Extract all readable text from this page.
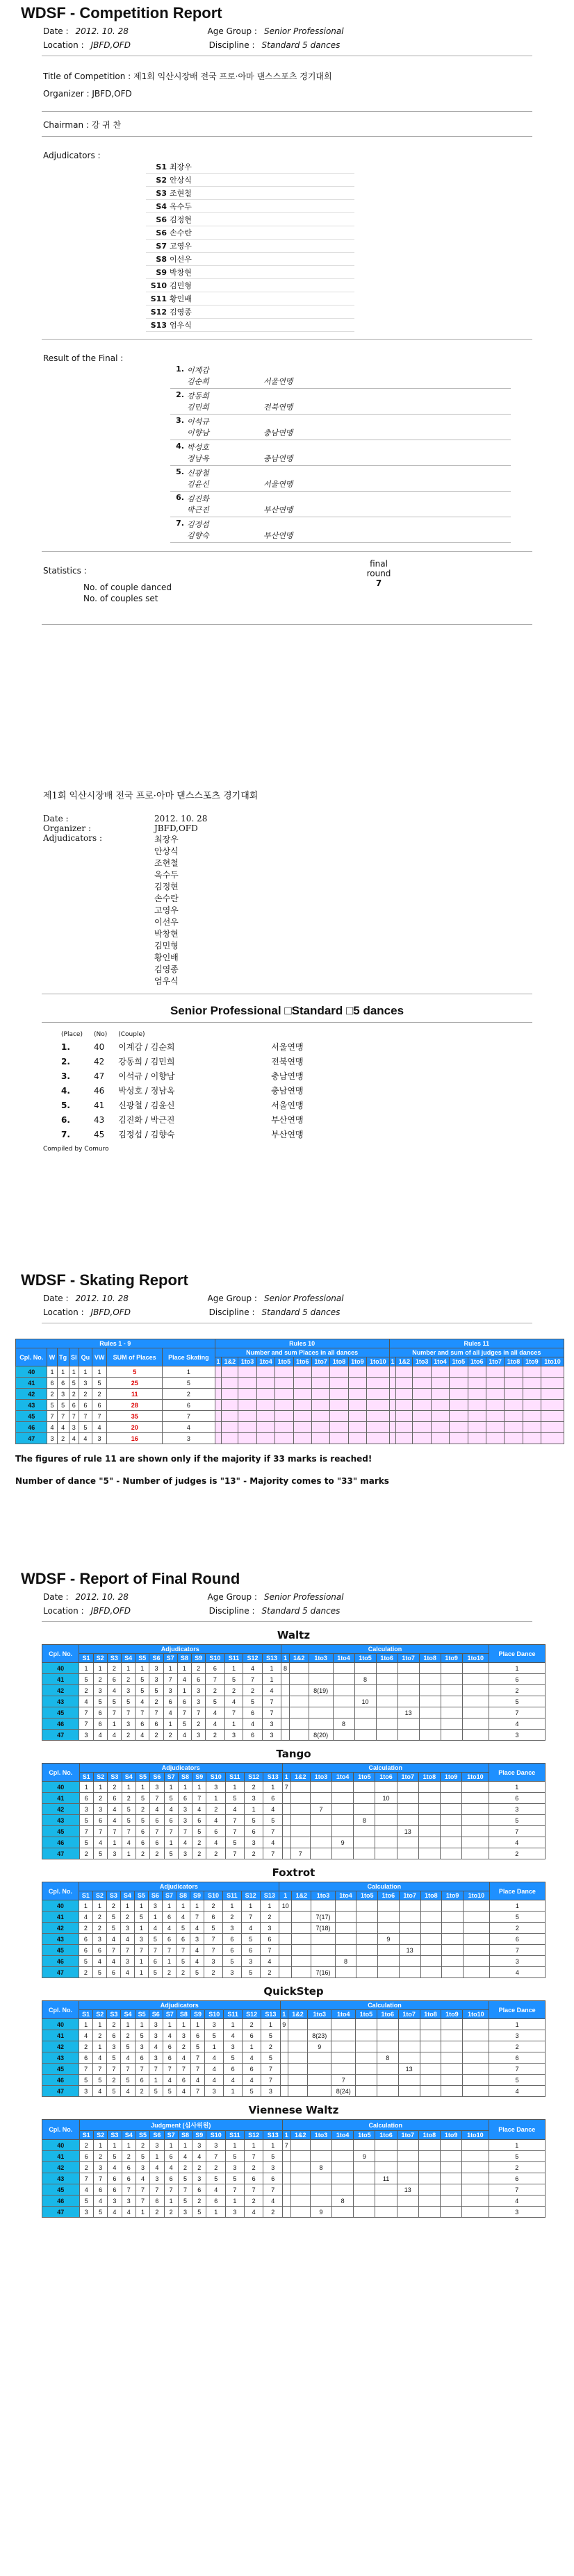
WDSF - Competition Report
Date : 2012. 10. 28	Age Group : Senior Professional
Location : JBFD,OFD	Discipline : Standard 5 dances
Title of Competition : 제1회 익산시장배 전국 프로·아마 댄스스포츠 경기대회
Organizer : JBFD,OFD
Chairman : 강 귀 찬
Adjudicators :
S1 최장우
S2 안상식
S3 조현철
S4 옥수두
S6 김정현
S6 손수란
S7 고영우
S8 이선우
S9 박창현
S10 김민형
S11 황인배
S12 김영종
S13 엄우식
Result of the Final :
1. 이계갑
김순희	서울연맹
2. 강동희
김민희	전북연맹
3. 이석규
이향남	충남연맹
4. 박성호
정남옥	충남연맹
5. 신광철
김윤신	서울연맹
6. 김진화
박근진	부산연맹
7. 김정섭
김향숙	부산연맹
Statistics :
final round
7
No. of couple danced
No. of couples set
제1회 익산시장배 전국 프로·아마 댄스스포츠 경기대회
Date :	2012. 10. 28
Organizer :	JBFD,OFD
Adjudicators :	최장우
안상식
조현철
옥수두
김정현
손수란
고영우
이선우
박창현
김민형
황인배
김영종
엄우식
Senior Professional □Standard □5 dances
(Place)	(No)	(Couple)	
1.	40	이계갑 / 김순희	서울연맹
2.	42	강동희 / 김민희	전북연맹
3.	47	이석규 / 이향남	충남연맹
4.	46	박성호 / 정남옥	충남연맹
5.	41	신광철 / 김윤신	서울연맹
6.	43	김진화 / 박근진	부산연맹
7.	45	김정섭 / 김향숙	부산연맹
Compiled by Comuro
WDSF - Skating Report
Date : 2012. 10. 28	Age Group : Senior Professional
Location : JBFD,OFD	Discipline : Standard 5 dances
Rules 1 - 9								Rules 10										Rules 11									
Cpl. No.	W	Tg	Sl	Qu	VW	SUM of Places	Place Skating	Number and sum Places in all dances										Number and sum of all judges in all dances									
								1	1&2	1to3	1to4	1to5	1to6	1to7	1to8	1to9	1to10	1	1&2	1to3	1to4	1to5	1to6	1to7	1to8	1to9	1to10
40	1	1	1	1	1	5	1																				
41	6	6	5	3	5	25	5																				
42	2	3	2	2	2	11	2																				
43	5	5	6	6	6	28	6																				
45	7	7	7	7	7	35	7																				
46	4	4	3	5	4	20	4																				
47	3	2	4	4	3	16	3																				
The figures of rule 11 are shown only if the majority if 33 marks is reached!
Number of dance "5" - Number of judges is "13" - Majority comes to "33" marks
WDSF - Report of Final Round
Date : 2012. 10. 28	Age Group : Senior Professional
Location : JBFD,OFD	Discipline : Standard 5 dances
Waltz
Cpl. No.	Adjudicators													Calculation										Place Dance
	S1	S2	S3	S4	S5	S6	S7	S8	S9	S10	S11	S12	S13	1	1&2	1to3	1to4	1to5	1to6	1to7	1to8	1to9	1to10	
40	1	1	2	1	1	3	1	1	2	6	1	4	1	8										1
41	5	2	6	2	5	3	7	4	6	7	5	7	1					8						6
42	2	3	4	3	5	5	3	1	3	2	2	2	4			8(19)								2
43	4	5	5	5	4	2	6	6	3	5	4	5	7					10						5
45	7	6	7	7	7	7	4	7	7	4	7	6	7							13				7
46	7	6	1	3	6	6	1	5	2	4	1	4	3				8							4
47	3	4	4	2	4	2	2	4	3	2	3	6	3			8(20)								3
Tango
Cpl. No.	Adjudicators													Calculation										Place Dance
	S1	S2	S3	S4	S5	S6	S7	S8	S9	S10	S11	S12	S13	1	1&2	1to3	1to4	1to5	1to6	1to7	1to8	1to9	1to10	
40	1	1	2	1	1	3	1	1	1	3	1	2	1	7										1
41	6	2	6	2	5	7	5	6	7	1	5	3	6						10					6
42	3	3	4	5	2	4	4	3	4	2	4	1	4			7								3
43	5	6	4	5	5	6	6	3	6	4	7	5	5					8						5
45	7	7	7	7	6	7	7	7	5	6	7	6	7							13				7
46	5	4	1	4	6	6	1	4	2	4	5	3	4				9							4
47	2	5	3	1	2	2	5	3	2	2	7	2	7		7									2
Foxtrot
Cpl. No.	Adjudicators													Calculation										Place Dance
	S1	S2	S3	S4	S5	S6	S7	S8	S9	S10	S11	S12	S13	1	1&2	1to3	1to4	1to5	1to6	1to7	1to8	1to9	1to10	
40	1	1	2	1	1	3	1	1	1	2	1	1	1	10										1
41	4	2	5	2	5	1	6	4	7	6	2	7	2			7(17)								5
42	2	2	5	3	1	4	4	5	4	5	3	4	3			7(18)								2
43	6	3	4	4	3	5	6	6	3	7	6	5	6						9					6
45	6	6	7	7	7	7	7	7	4	7	6	6	7							13				7
46	5	4	4	3	1	6	1	5	4	3	5	3	4				8							3
47	2	5	6	4	1	5	2	2	5	2	3	5	2			7(16)								4
QuickStep
Cpl. No.	Adjudicators													Calculation										Place Dance
	S1	S2	S3	S4	S5	S6	S7	S8	S9	S10	S11	S12	S13	1	1&2	1to3	1to4	1to5	1to6	1to7	1to8	1to9	1to10	
40	1	1	2	1	1	3	1	1	1	3	1	2	1	9										1
41	4	2	6	2	5	3	4	3	6	5	4	6	5			8(23)								3
42	2	1	3	5	3	4	6	2	5	1	3	1	2			9								2
43	6	4	5	4	6	3	6	4	7	4	5	4	5						8					6
45	7	7	7	7	7	7	7	7	7	4	6	6	7							13				7
46	5	5	2	5	6	1	4	6	4	4	4	4	7				7							5
47	3	4	5	4	2	5	5	4	7	3	1	5	3				8(24)							4
Viennese Waltz
Cpl. No.	Judgment (심사위원)													Calculation										Place Dance
	S1	S2	S3	S4	S5	S6	S7	S8	S9	S10	S11	S12	S13	1	1&2	1to3	1to4	1to5	1to6	1to7	1to8	1to9	1to10	
40	2	1	1	1	2	3	1	1	3	3	1	1	1	7										1
41	6	2	5	2	5	1	6	4	4	7	5	7	5					9						5
42	2	3	4	6	3	4	4	2	2	2	3	2	3			8								2
43	7	7	6	6	4	3	6	5	3	5	5	6	6						11					6
45	4	6	6	7	7	7	7	7	6	4	7	7	7							13				7
46	5	4	3	3	7	6	1	5	2	6	1	2	4				8							4
47	3	5	4	4	1	2	2	3	5	1	3	4	2			9								3
